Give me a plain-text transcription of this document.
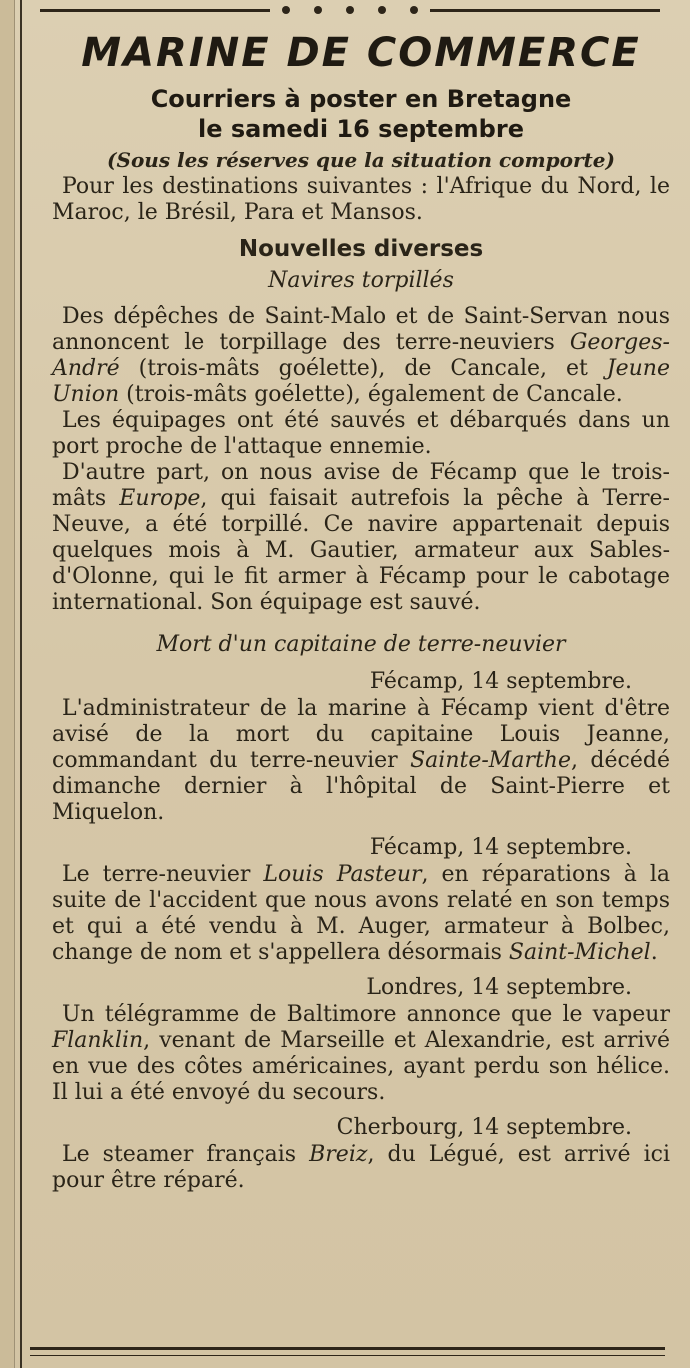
MARINE DE COMMERCE
Courriers à poster en Bretagne
le samedi 16 septembre
(Sous les réserves que la situation comporte)

Pour les destinations suivantes : l'Afrique du Nord, le Maroc, le Brésil, Para et Mansos.

Nouvelles diverses
Navires torpillés

Des dépêches de Saint-Malo et de Saint-Servan nous annoncent le torpillage des terre-neuviers Georges-André (trois-mâts goélette), de Cancale, et Jeune Union (trois-mâts goélette), également de Cancale.

Les équipages ont été sauvés et débarqués dans un port proche de l'attaque ennemie.

D'autre part, on nous avise de Fécamp que le trois-mâts Europe, qui faisait autrefois la pêche à Terre-Neuve, a été torpillé. Ce navire appartenait depuis quelques mois à M. Gautier, armateur aux Sables-d'Olonne, qui le fit armer à Fécamp pour le cabotage international. Son équipage est sauvé.

Mort d'un capitaine de terre-neuvier
Fécamp, 14 septembre.

L'administrateur de la marine à Fécamp vient d'être avisé de la mort du capitaine Louis Jeanne, commandant du terre-neuvier Sainte-Marthe, décédé dimanche dernier à l'hôpital de Saint-Pierre et Miquelon.

Fécamp, 14 septembre.

Le terre-neuvier Louis Pasteur, en réparations à la suite de l'accident que nous avons relaté en son temps et qui a été vendu à M. Auger, armateur à Bolbec, change de nom et s'appellera désormais Saint-Michel.

Londres, 14 septembre.

Un télégramme de Baltimore annonce que le vapeur Flanklin, venant de Marseille et Alexandrie, est arrivé en vue des côtes américaines, ayant perdu son hélice. Il lui a été envoyé du secours.

Cherbourg, 14 septembre.

Le steamer français Breiz, du Légué, est arrivé ici pour être réparé.
